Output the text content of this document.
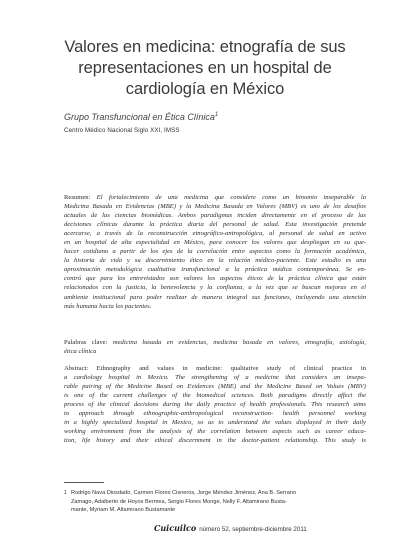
Valores en medicina: etnografía de sus
representaciones en un hospital de
cardiología en México
Grupo Transfuncional en Ética Clínica$^1$
Centro Médico Nacional Siglo XXI, IMSS
Resumen: El fortalecimiento de una medicina que considere como un binomio inseparable la
Medicina Basada en Evidencias (MBE) y la Medicina Basada en Valores (MBV) es uno de los desafíos
actuales de las ciencias biomédicas. Ambos paradigmas inciden directamente en el proceso de las
decisiones clínicas durante la práctica diaria del personal de salud. Esta investigación pretende
acercarse, a través de la reconstrucción etnográfico-antropológica, al personal de salud en activo
en un hospital de alta especialidad en México, para conocer los valores que despliegan en su que-
hacer cotidiano a partir de los ejes de la correlación entre aspectos como la formación académica,
la historia de vida y su discernimiento ético en la relación médico-paciente. Este estudio es una
aproximación metodológica cualitativa transfuncional a la práctica médica contemporánea. Se en-
contró que para los entrevistados son valores los aspectos éticos de la práctica clínica que están
relacionados con la justicia, la benevolencia y la confianza, a la vez que se buscan mejoras en el
ambiente institucional para poder realizar de manera integral sus funciones, incluyendo una atención
más humana hacia los pacientes.
Palabras clave: medicina basada en evidencias, medicina basada en valores, etnografía, axiología,
ética clínica
Abstract: Ethnography and values in medicine: qualitative study of clinical practice in
a cardiology hospital in Mexico. The strengthening of a medicine that considers an insepa-
rable pairing of the Medicine Based on Evidences (MBE) and the Medicine Based on Values (MBV)
is one of the current challenges of the biomedical sciences. Both paradigms directly affect the
process of the clinical decisions during the daily practice of health professionals. This research aims
to approach through ethnographic-anthropological reconstruction- health personnel working
in a highly specialized hospital in Mexico, so as to understand the values displayed in their daily
working environment from the analysis of the correlation between aspects such as career educa-
tion, life history and their ethical discernment in the doctor-patient relationship. This study is
1 Rodrigo Nava Diosdado, Carmen Flores Cisneros, Jorge Méndez Jiménez, Ana B. Serrano
Zamago, Adalberto de Hoyos Bermea, Sergio Flores Monge, Nelly F. Altamirano Busta-
mante, Myriam M. Altamirano Bustamante
Cuicuilco número 52, septiembre-diciembre 2011
